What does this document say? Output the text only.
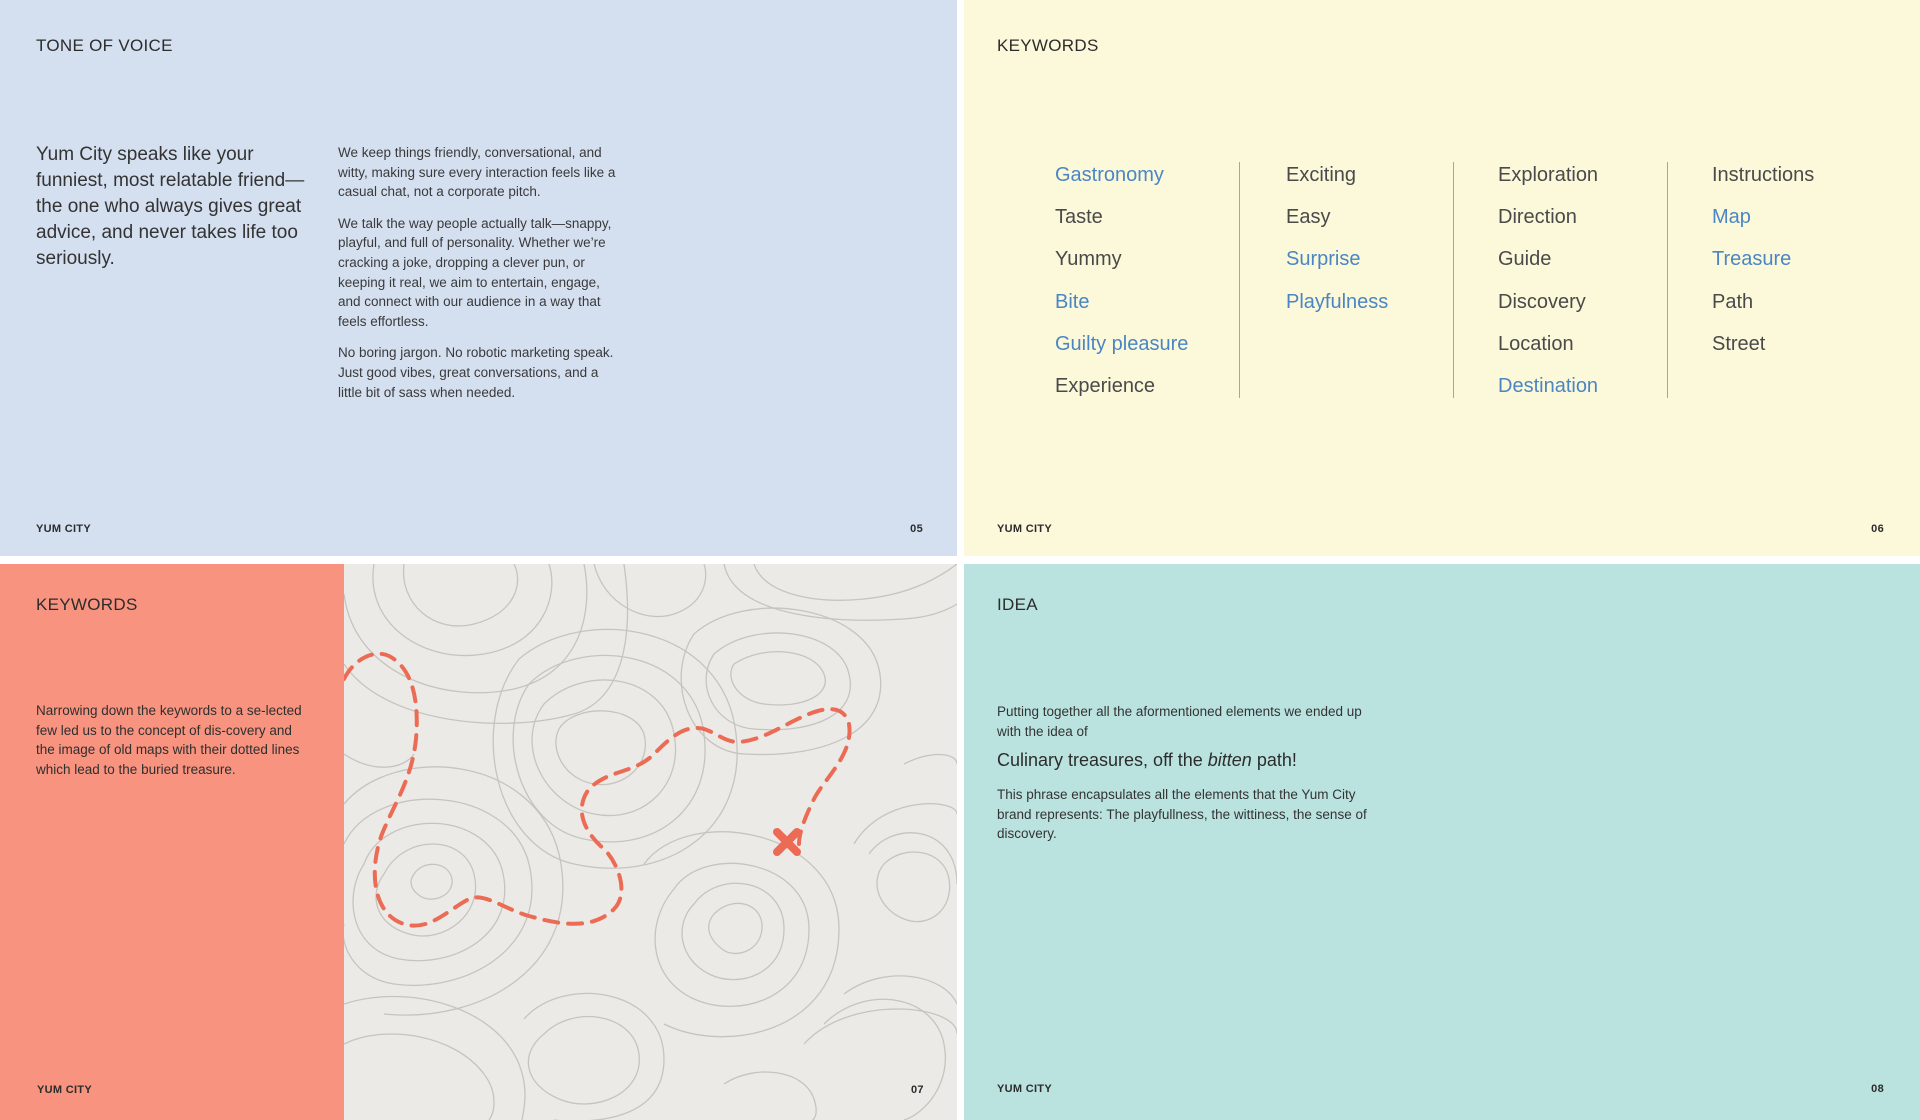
TONE OF VOICE
Yum City speaks like your funniest, most relatable friend—the one who always gives great advice, and never takes life too seriously.

We keep things friendly, conversational, and witty, making sure every interaction feels like a casual chat, not a corporate pitch.

We talk the way people actually talk—snappy, playful, and full of personality. Whether we’re cracking a joke, dropping a clever pun, or keeping it real, we aim to entertain, engage, and connect with our audience in a way that feels effortless.

No boring jargon. No robotic marketing speak. Just good vibes, great conversations, and a little bit of sass when needed.

YUM CITY	05
KEYWORDS
Gastronomy
Taste
Yummy
Bite
Guilty pleasure
Experience
Exciting
Easy
Surprise
Playfulness
Exploration
Direction
Guide
Discovery
Location
Destination
Instructions
Map
Treasure
Path
Street
YUM CITY	06
KEYWORDS
Narrowing down the keywords to a se-lected few led us to the concept of dis-covery and the image of old maps with their dotted lines which lead to the buried treasure.
YUM CITY	07
IDEA
Putting together all the aformentioned elements we ended up with the idea of
Culinary treasures, off the bitten path!
This phrase encapsulates all the elements that the Yum City brand represents: The playfullness, the wittiness, the sense of discovery.
YUM CITY	08
